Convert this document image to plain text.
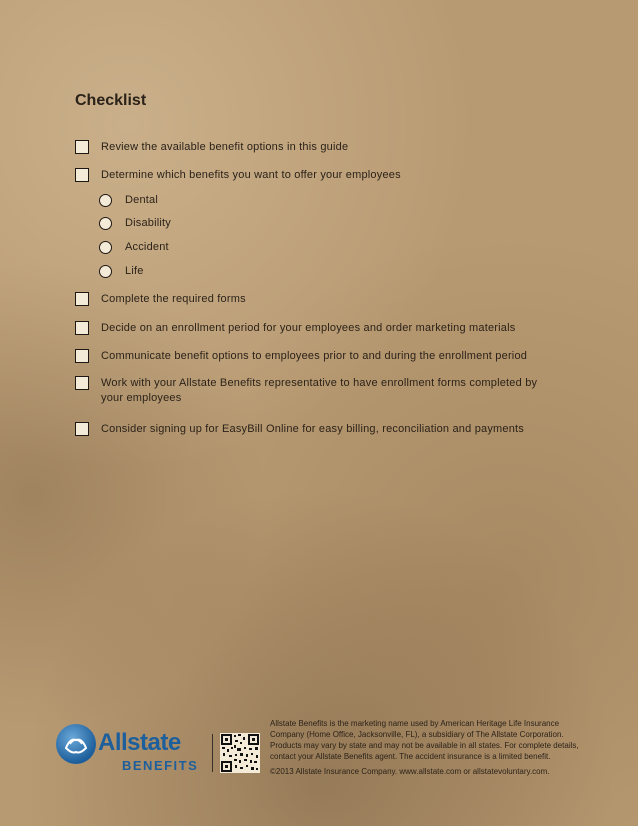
Checklist
Review the available benefit options in this guide
Determine which benefits you want to offer your employees
Dental
Disability
Accident
Life
Complete the required forms
Decide on an enrollment period for your employees and order marketing materials
Communicate benefit options to employees prior to and during the enrollment period
Work with your Allstate Benefits representative to have enrollment forms completed by your employees
Consider signing up for EasyBill Online for easy billing, reconciliation and payments
Allstate
BENEFITS
Allstate Benefits is the marketing name used by American Heritage Life Insurance Company (Home Office, Jacksonville, FL), a subsidiary of The Allstate Corporation. Products may vary by state and may not be available in all states. For complete details, contact your Allstate Benefits agent. The accident insurance is a limited benefit.
©2013 Allstate Insurance Company. www.allstate.com or allstatevoluntary.com.
